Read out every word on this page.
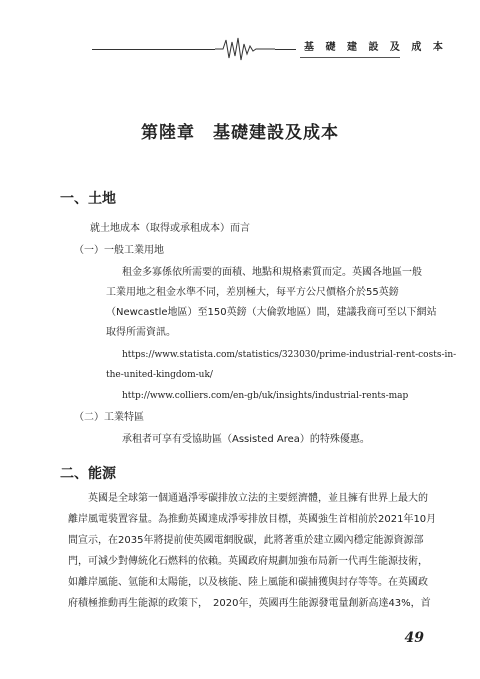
基 礎 建 設 及 成 本
第陸章　基礎建設及成本
一、土地
就土地成本（取得或承租成本）而言
（一）一般工業用地
租金多寡係依所需要的面積、地點和規格素質而定。英國各地區一般
工業用地之租金水準不同，差別極大，每平方公尺價格介於55英鎊
（Newcastle地區）至150英鎊（大倫敦地區）間，建議我商可至以下網站
取得所需資訊。
https://www.statista.com/statistics/323030/prime-industrial-rent-costs-in-
the-united-kingdom-uk/
http://www.colliers.com/en-gb/uk/insights/industrial-rents-map
（二）工業特區
承租者可享有受協助區（Assisted Area）的特殊優惠。
二、能源
英國是全球第一個通過淨零碳排放立法的主要經濟體，並且擁有世界上最大的
離岸風電裝置容量。為推動英國達成淨零排放目標，英國強生首相前於2021年10月
間宣示，在2035年將提前使英國電網脫碳，此將著重於建立國內穩定能源資源部
門，可減少對傳統化石燃料的依賴。英國政府規劃加強布局新一代再生能源技術，
如離岸風能、氫能和太陽能，以及核能、陸上風能和碳捕獲與封存等等。在英國政
府積極推動再生能源的政策下，　2020年，英國再生能源發電量創新高達43%，首
49
